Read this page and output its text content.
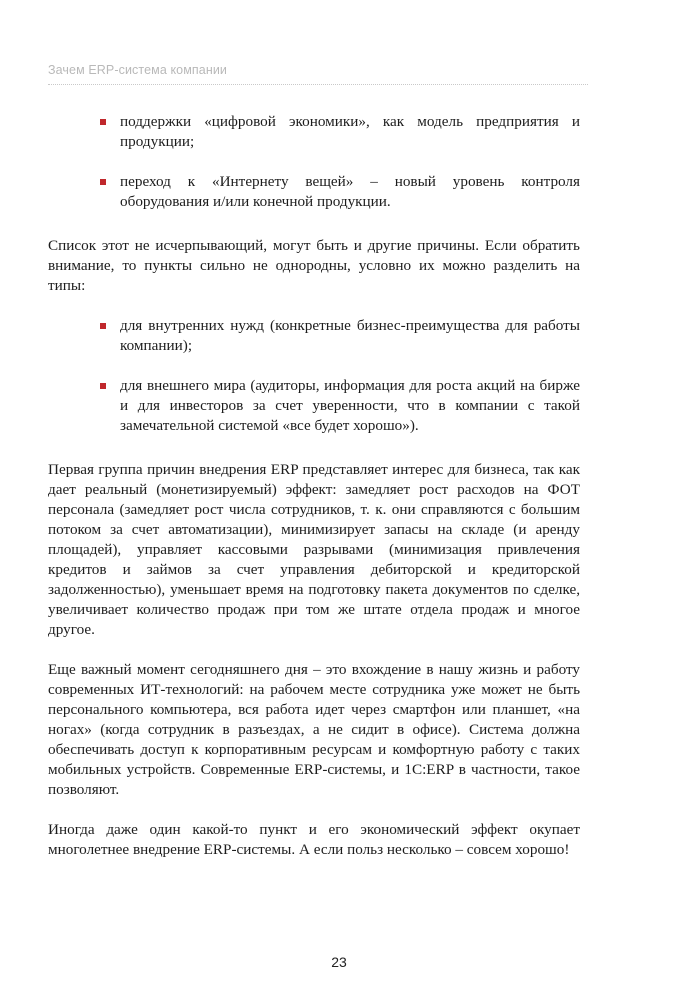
Зачем ERP-система компании
поддержки «цифровой экономики», как модель предприятия и продукции;
переход к «Интернету вещей» – новый уровень контроля оборудования и/или конечной продукции.

Список этот не исчерпывающий, могут быть и другие причины. Если обратить внимание, то пункты сильно не однородны, условно их можно разделить на типы:

для внутренних нужд (конкретные бизнес-преимущества для работы компании);
для внешнего мира (аудиторы, информация для роста акций на бирже и для инвесторов за счет уверенности, что в компании с такой замечательной системой «все будет хорошо»).

Первая группа причин внедрения ERP представляет интерес для бизнеса, так как дает реальный (монетизируемый) эффект: замедляет рост расходов на ФОТ персонала (замедляет рост числа сотрудников, т. к. они справляются с большим потоком за счет автоматизации), минимизирует запасы на складе (и аренду площадей), управляет кассовыми разрывами (минимизация привлечения кредитов и займов за счет управления дебиторской и кредиторской задолженностью), уменьшает время на подготовку пакета документов по сделке, увеличивает количество продаж при том же штате отдела продаж и многое другое.

Еще важный момент сегодняшнего дня – это вхождение в нашу жизнь и работу современных ИТ-технологий: на рабочем месте сотрудника уже может не быть персонального компьютера, вся работа идет через смартфон или планшет, «на ногах» (когда сотрудник в разъездах, а не сидит в офисе). Система должна обеспечивать доступ к корпоративным ресурсам и комфортную работу с таких мобильных устройств. Современные ERP-системы, и 1С:ERP в частности, такое позволяют.

Иногда даже один какой-то пункт и его экономический эффект окупает многолетнее внедрение ERP-системы. А если польз несколько – совсем хорошо!

23
